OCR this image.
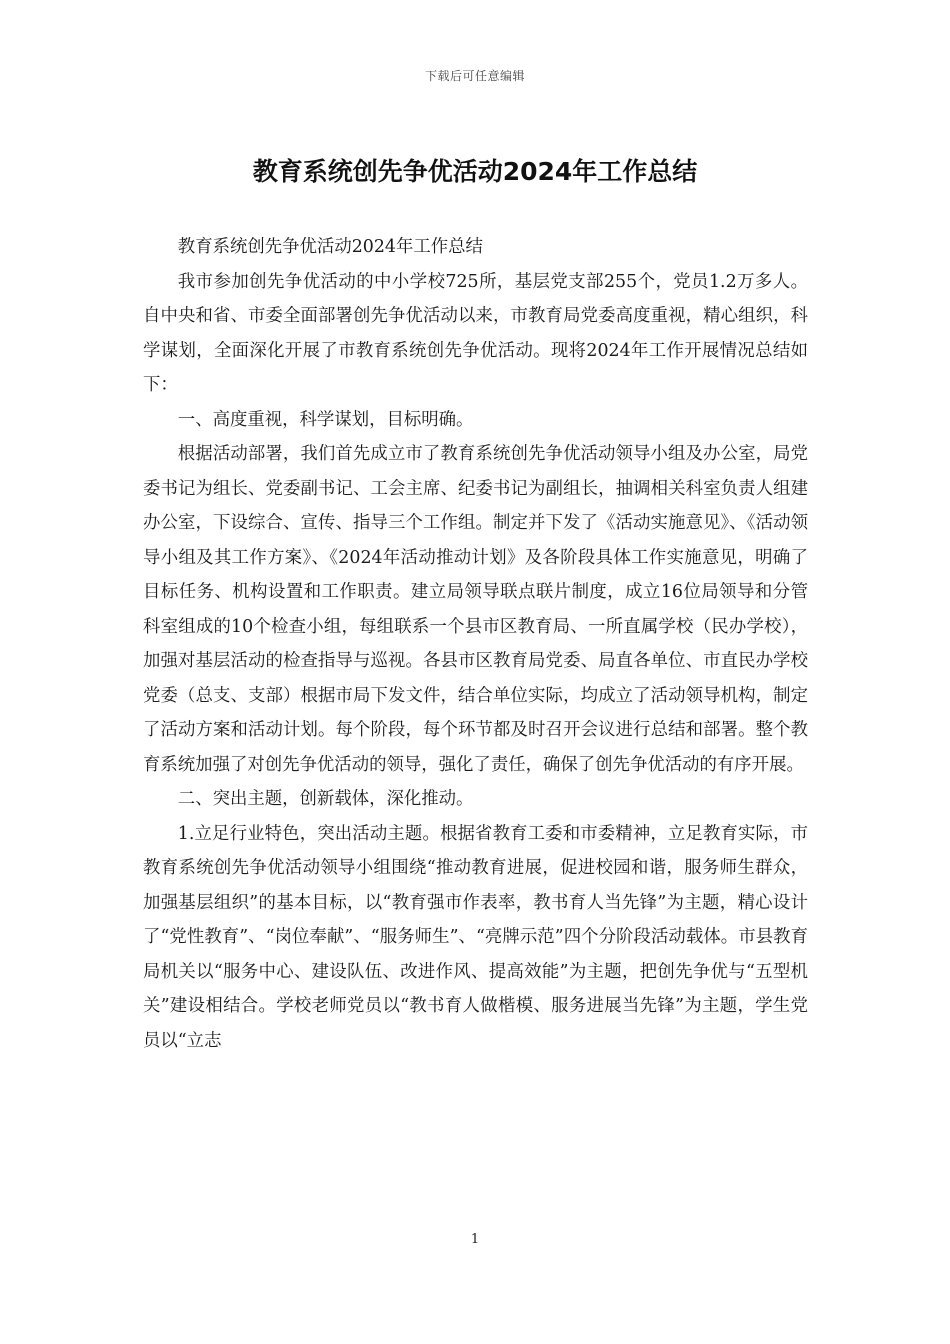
下载后可任意编辑
教育系统创先争优活动2024年工作总结

教育系统创先争优活动2024年工作总结

我市参加创先争优活动的中小学校725所，基层党支部255个，党员1.2万多人。自中央和省、市委全面部署创先争优活动以来，市教育局党委高度重视，精心组织，科学谋划，全面深化开展了市教育系统创先争优活动。现将2024年工作开展情况总结如下：

一、高度重视，科学谋划，目标明确。

根据活动部署，我们首先成立市了教育系统创先争优活动领导小组及办公室，局党委书记为组长、党委副书记、工会主席、纪委书记为副组长，抽调相关科室负责人组建办公室，下设综合、宣传、指导三个工作组。制定并下发了《活动实施意见》、《活动领导小组及其工作方案》、《2024年活动推动计划》及各阶段具体工作实施意见，明确了目标任务、机构设置和工作职责。建立局领导联点联片制度，成立16位局领导和分管科室组成的10个检查小组，每组联系一个县市区教育局、一所直属学校（民办学校），加强对基层活动的检查指导与巡视。各县市区教育局党委、局直各单位、市直民办学校党委（总支、支部）根据市局下发文件，结合单位实际，均成立了活动领导机构，制定了活动方案和活动计划。每个阶段，每个环节都及时召开会议进行总结和部署。整个教育系统加强了对创先争优活动的领导，强化了责任，确保了创先争优活动的有序开展。

二、突出主题，创新载体，深化推动。

1.立足行业特色，突出活动主题。根据省教育工委和市委精神，立足教育实际，市教育系统创先争优活动领导小组围绕“推动教育进展，促进校园和谐，服务师生群众，加强基层组织”的基本目标，以“教育强市作表率，教书育人当先锋”为主题，精心设计了“党性教育”、“岗位奉献”、“服务师生”、“亮牌示范”四个分阶段活动载体。市县教育局机关以“服务中心、建设队伍、改进作风、提高效能”为主题，把创先争优与“五型机关”建设相结合。学校老师党员以“教书育人做楷模、服务进展当先锋”为主题，学生党员以“立志

1
